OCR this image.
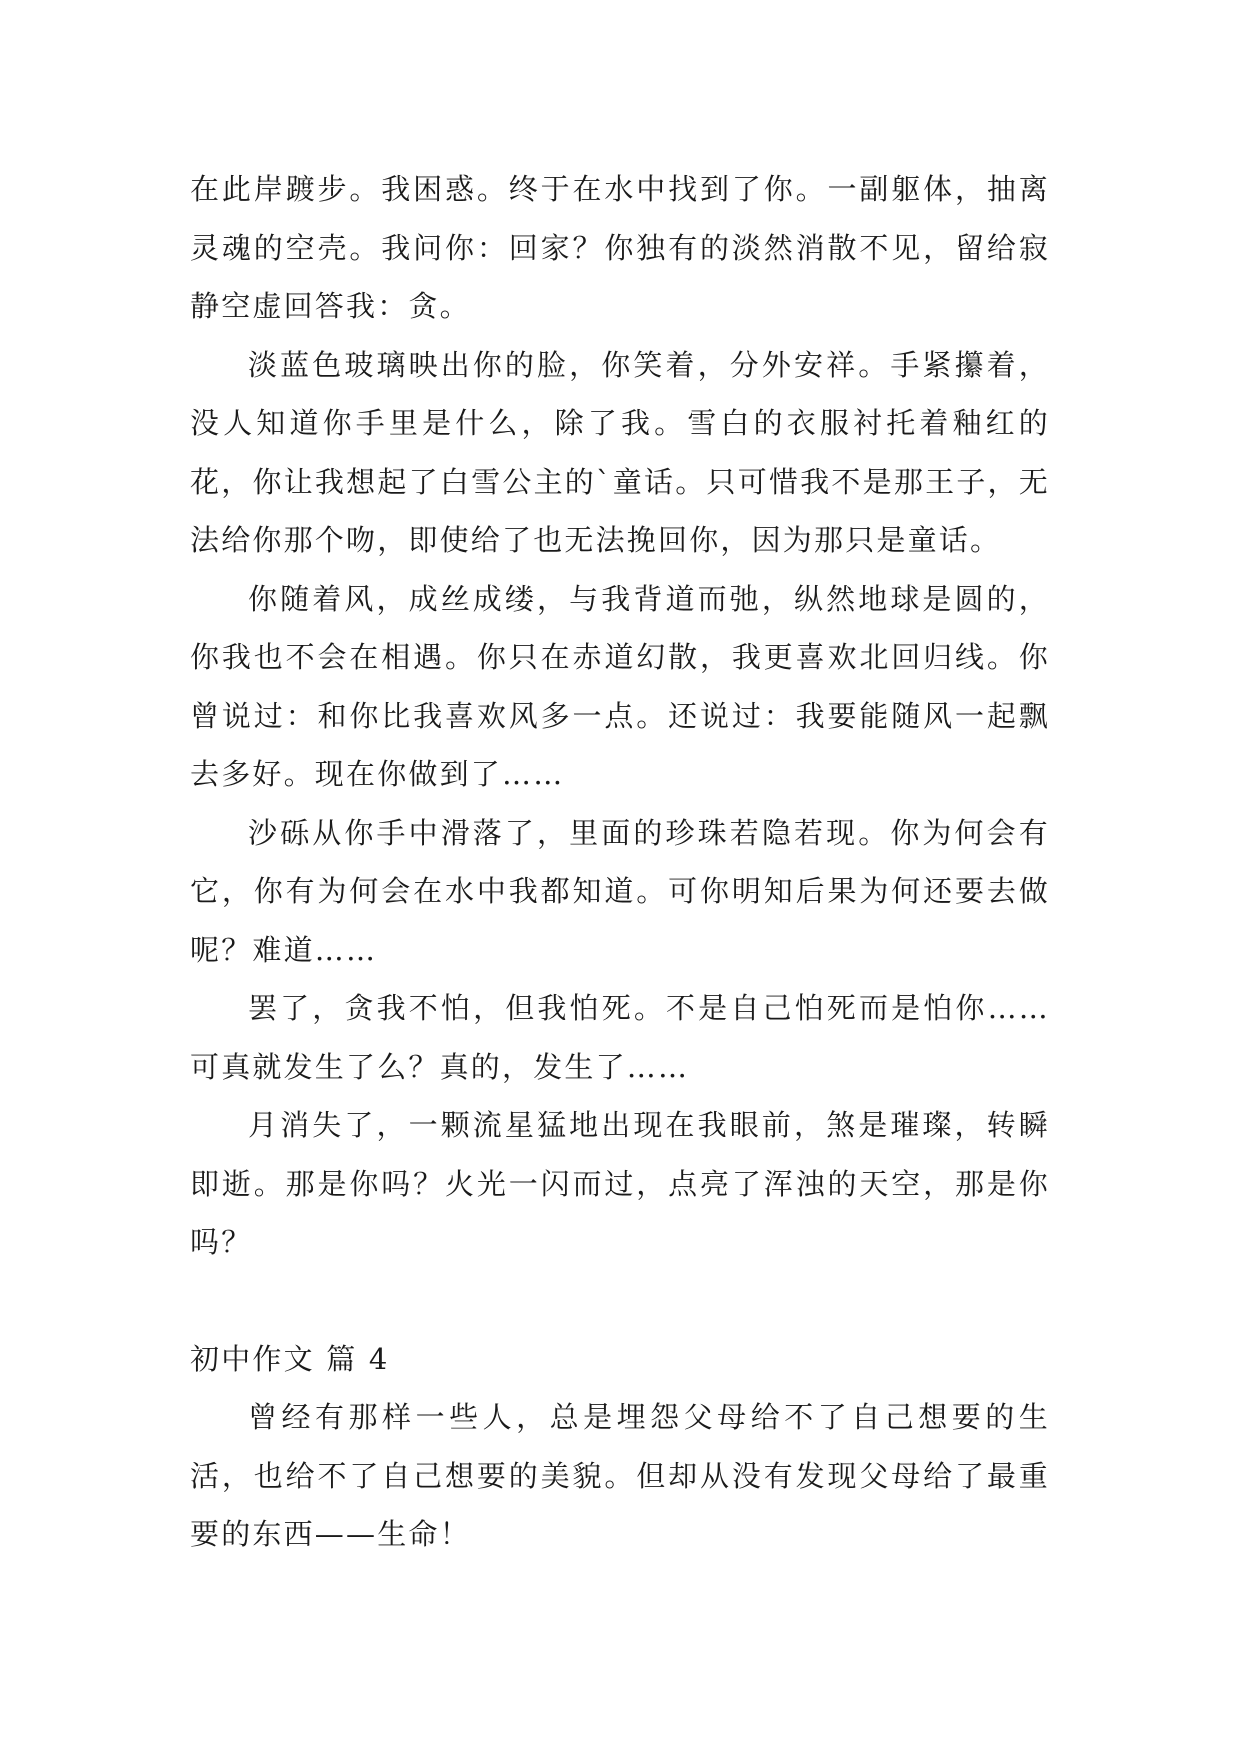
在此岸踱步。我困惑。终于在水中找到了你。一副躯体，抽离灵魂的空壳。我问你：回家？你独有的淡然消散不见，留给寂静空虚回答我：贪。

淡蓝色玻璃映出你的脸，你笑着，分外安祥。手紧攥着，没人知道你手里是什么，除了我。雪白的衣服衬托着釉红的花，你让我想起了白雪公主的`童话。只可惜我不是那王子，无法给你那个吻，即使给了也无法挽回你，因为那只是童话。

你随着风，成丝成缕，与我背道而弛，纵然地球是圆的，你我也不会在相遇。你只在赤道幻散，我更喜欢北回归线。你曾说过：和你比我喜欢风多一点。还说过：我要能随风一起飘去多好。现在你做到了……

沙砾从你手中滑落了，里面的珍珠若隐若现。你为何会有它，你有为何会在水中我都知道。可你明知后果为何还要去做呢？难道……

罢了，贪我不怕，但我怕死。不是自己怕死而是怕你……可真就发生了么？真的，发生了……

月消失了，一颗流星猛地出现在我眼前，煞是璀璨，转瞬即逝。那是你吗？火光一闪而过，点亮了浑浊的天空，那是你吗？

初中作文 篇 4

曾经有那样一些人，总是埋怨父母给不了自己想要的生活，也给不了自己想要的美貌。但却从没有发现父母给了最重要的东西——生命！
